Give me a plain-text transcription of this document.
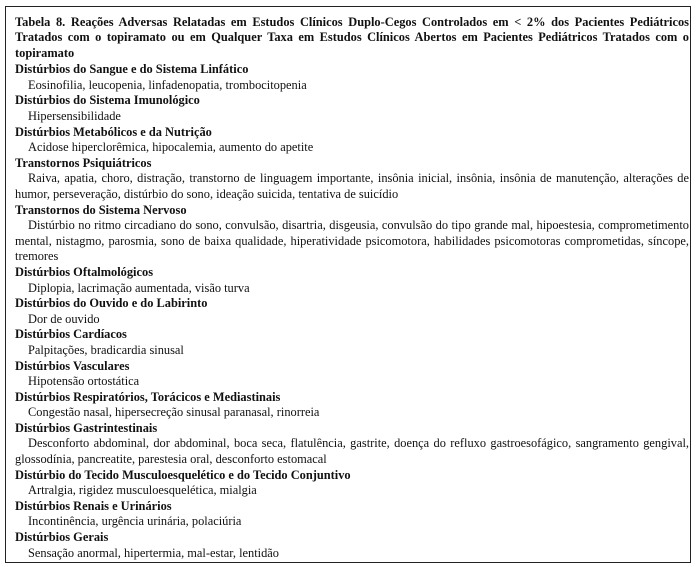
Tabela 8. Reações Adversas Relatadas em Estudos Clínicos Duplo-Cegos Controlados em < 2% dos Pacientes Pediátricos Tratados com o topiramato ou em Qualquer Taxa em Estudos Clínicos Abertos em Pacientes Pediátricos Tratados com o topiramato
Distúrbios do Sangue e do Sistema Linfático
Eosinofilia, leucopenia, linfadenopatia, trombocitopenia
Distúrbios do Sistema Imunológico
Hipersensibilidade
Distúrbios Metabólicos e da Nutrição
Acidose hiperclorêmica, hipocalemia, aumento do apetite
Transtornos Psiquiátricos
Raiva, apatia, choro, distração, transtorno de linguagem importante, insônia inicial, insônia, insônia de manutenção, alterações de humor, perseveração, distúrbio do sono, ideação suicida, tentativa de suicídio
Transtornos do Sistema Nervoso
Distúrbio no ritmo circadiano do sono, convulsão, disartria, disgeusia, convulsão do tipo grande mal, hipoestesia, comprometimento mental, nistagmo, parosmia, sono de baixa qualidade, hiperatividade psicomotora, habilidades psicomotoras comprometidas, síncope, tremores
Distúrbios Oftalmológicos
Diplopia, lacrimação aumentada, visão turva
Distúrbios do Ouvido e do Labirinto
Dor de ouvido
Distúrbios Cardíacos
Palpitações, bradicardia sinusal
Distúrbios Vasculares
Hipotensão ortostática
Distúrbios Respiratórios, Torácicos e Mediastinais
Congestão nasal, hipersecreção sinusal paranasal, rinorreia
Distúrbios Gastrintestinais
Desconforto abdominal, dor abdominal, boca seca, flatulência, gastrite, doença do refluxo gastroesofágico, sangramento gengival, glossodínia, pancreatite, parestesia oral, desconforto estomacal
Distúrbio do Tecido Musculoesquelético e do Tecido Conjuntivo
Artralgia, rigidez musculoesquelética, mialgia
Distúrbios Renais e Urinários
Incontinência, urgência urinária, polaciúria
Distúrbios Gerais
Sensação anormal, hipertermia, mal-estar, lentidão
